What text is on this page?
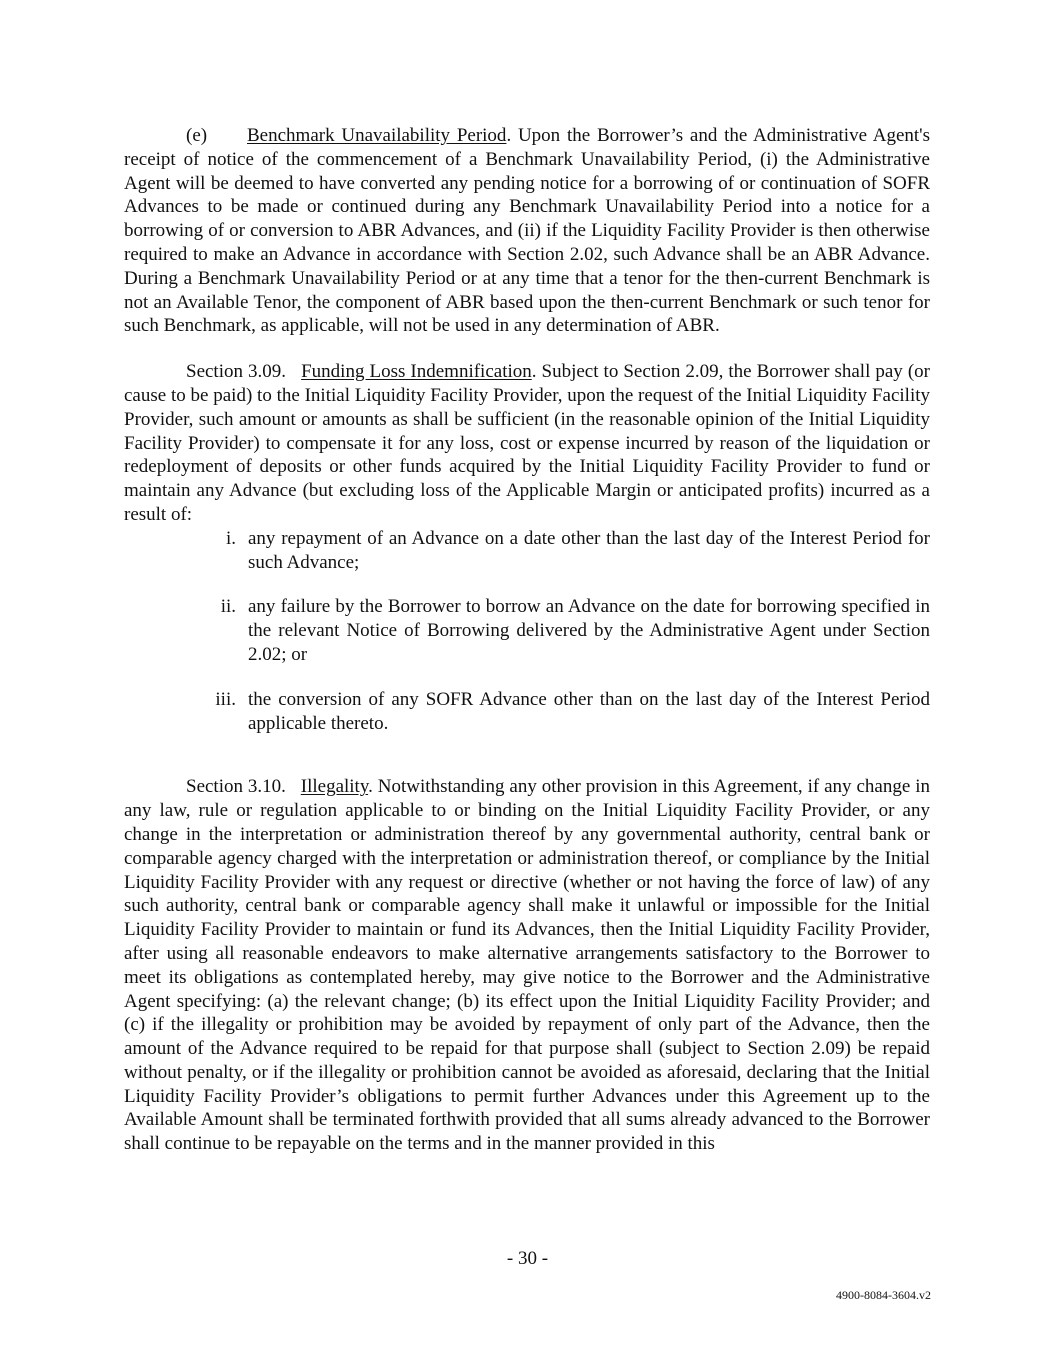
(e) Benchmark Unavailability Period. Upon the Borrower’s and the Administrative Agent's receipt of notice of the commencement of a Benchmark Unavailability Period, (i) the Administrative Agent will be deemed to have converted any pending notice for a borrowing of or continuation of SOFR Advances to be made or continued during any Benchmark Unavailability Period into a notice for a borrowing of or conversion to ABR Advances, and (ii) if the Liquidity Facility Provider is then otherwise required to make an Advance in accordance with Section 2.02, such Advance shall be an ABR Advance. During a Benchmark Unavailability Period or at any time that a tenor for the then-current Benchmark is not an Available Tenor, the component of ABR based upon the then-current Benchmark or such tenor for such Benchmark, as applicable, will not be used in any determination of ABR.

Section 3.09. Funding Loss Indemnification. Subject to Section 2.09, the Borrower shall pay (or cause to be paid) to the Initial Liquidity Facility Provider, upon the request of the Initial Liquidity Facility Provider, such amount or amounts as shall be sufficient (in the reasonable opinion of the Initial Liquidity Facility Provider) to compensate it for any loss, cost or expense incurred by reason of the liquidation or redeployment of deposits or other funds acquired by the Initial Liquidity Facility Provider to fund or maintain any Advance (but excluding loss of the Applicable Margin or anticipated profits) incurred as a result of:

i. any repayment of an Advance on a date other than the last day of the Interest Period for such Advance;
ii. any failure by the Borrower to borrow an Advance on the date for borrowing specified in the relevant Notice of Borrowing delivered by the Administrative Agent under Section 2.02; or
iii. the conversion of any SOFR Advance other than on the last day of the Interest Period applicable thereto.

Section 3.10. Illegality. Notwithstanding any other provision in this Agreement, if any change in any law, rule or regulation applicable to or binding on the Initial Liquidity Facility Provider, or any change in the interpretation or administration thereof by any governmental authority, central bank or comparable agency charged with the interpretation or administration thereof, or compliance by the Initial Liquidity Facility Provider with any request or directive (whether or not having the force of law) of any such authority, central bank or comparable agency shall make it unlawful or impossible for the Initial Liquidity Facility Provider to maintain or fund its Advances, then the Initial Liquidity Facility Provider, after using all reasonable endeavors to make alternative arrangements satisfactory to the Borrower to meet its obligations as contemplated hereby, may give notice to the Borrower and the Administrative Agent specifying: (a) the relevant change; (b) its effect upon the Initial Liquidity Facility Provider; and (c) if the illegality or prohibition may be avoided by repayment of only part of the Advance, then the amount of the Advance required to be repaid for that purpose shall (subject to Section 2.09) be repaid without penalty, or if the illegality or prohibition cannot be avoided as aforesaid, declaring that the Initial Liquidity Facility Provider’s obligations to permit further Advances under this Agreement up to the Available Amount shall be terminated forthwith provided that all sums already advanced to the Borrower shall continue to be repayable on the terms and in the manner provided in this

- 30 -
4900-8084-3604.v2
